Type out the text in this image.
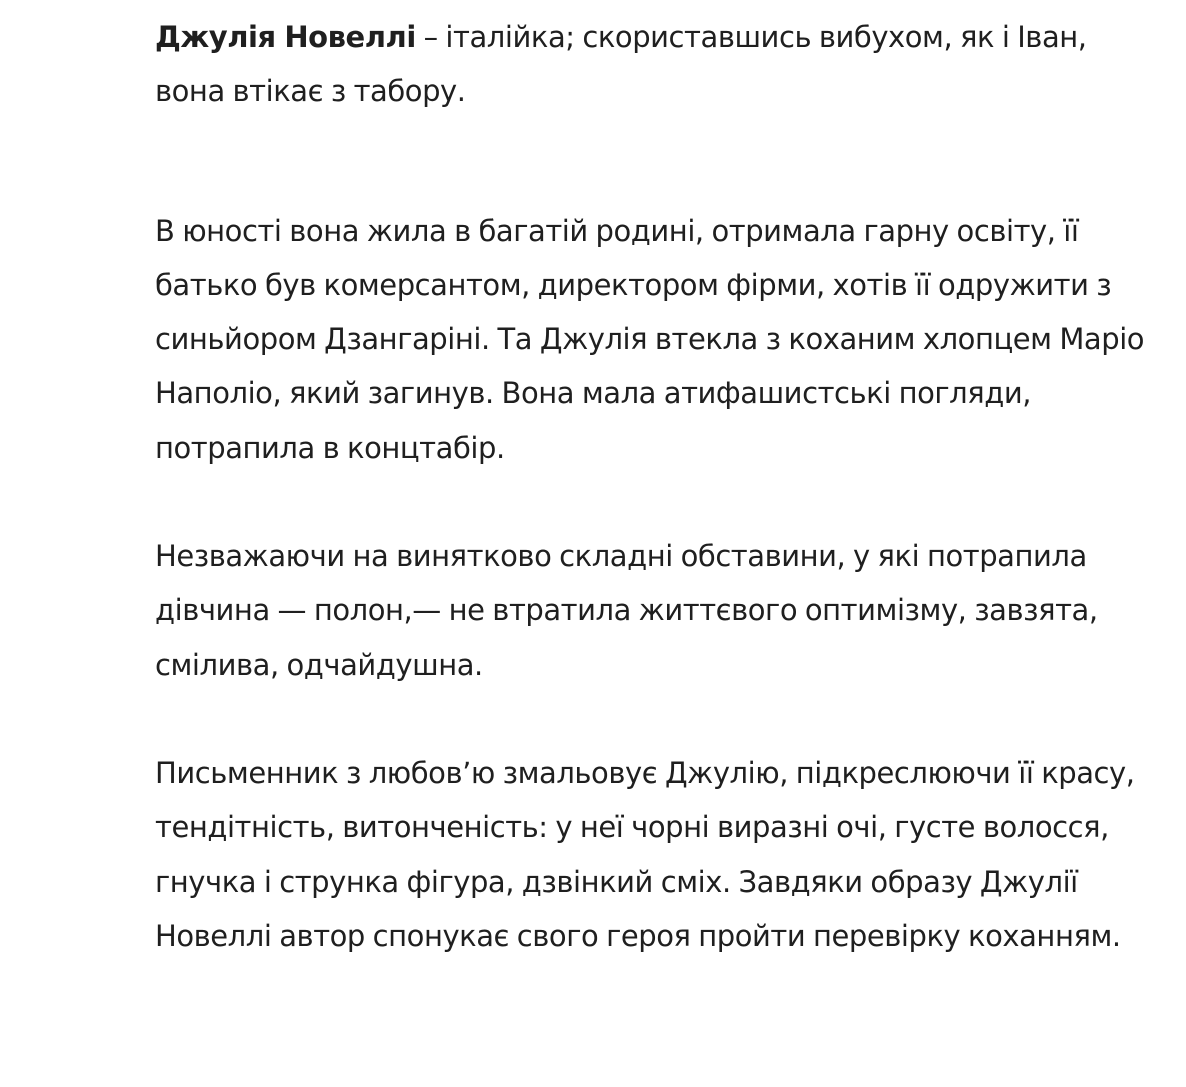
Джулія Новеллі – італійка; скориставшись вибухом, як і Іван, вона втікає з табору.

В юності вона жила в багатій родині, отримала гарну освіту, її батько був комерсантом, директором фірми, хотів її одружити з синьйором Дзангаріні. Та Джулія втекла з коханим хлопцем Маріо Наполіо, який загинув. Вона мала атифашистські погляди, потрапила в концтабір.

Незважаючи на винятково складні обставини, у які потрапила дівчина — полон,— не втратила життєвого оптимізму, завзята, смілива, одчайдушна.

Письменник з любов’ю змальовує Джулію, підкреслюючи її красу, тендітність, витонченість: у неї чорні виразні очі, густе волосся, гнучка і струнка фігура, дзвінкий сміх. Завдяки образу Джулії Новеллі автор спонукає свого героя пройти перевірку коханням.
